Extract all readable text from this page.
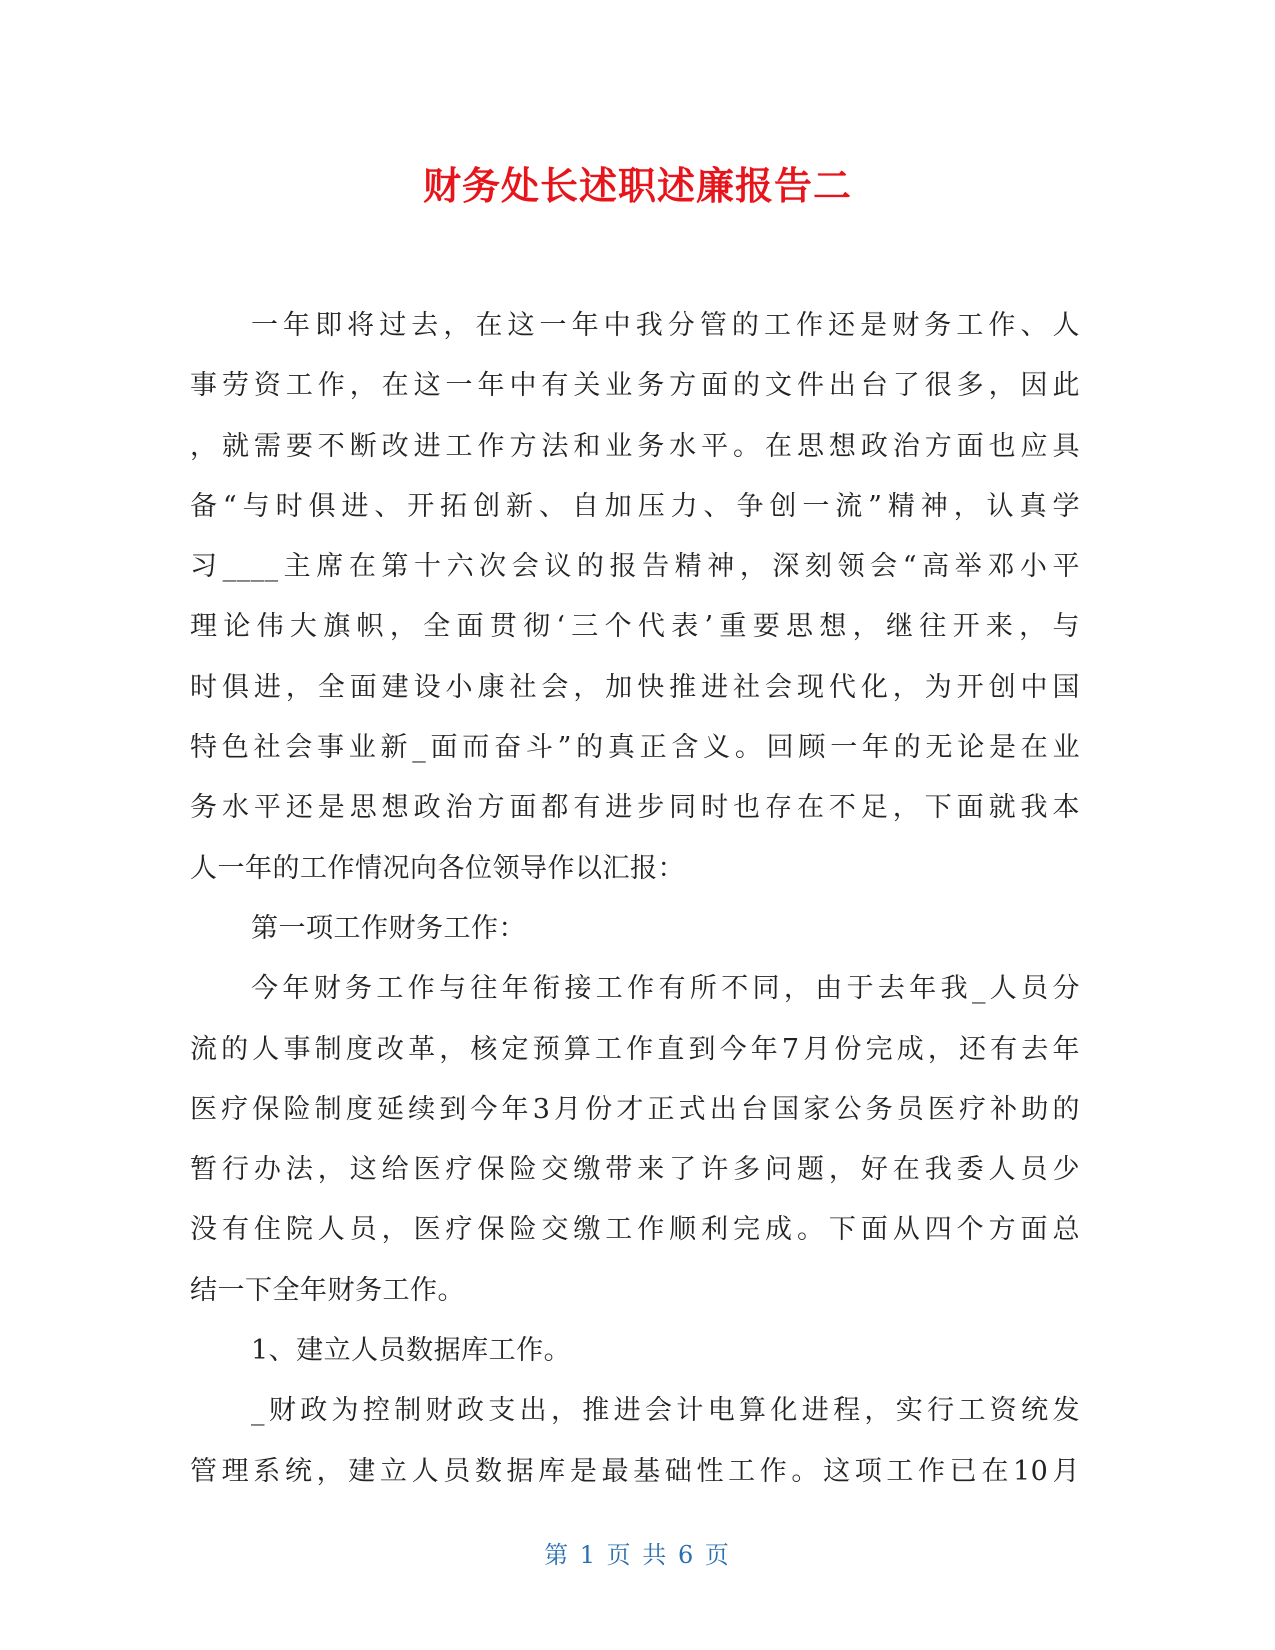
财务处长述职述廉报告二
一年即将过去，在这一年中我分管的工作还是财务工作、人
事劳资工作，在这一年中有关业务方面的文件出台了很多，因此
，就需要不断改进工作方法和业务水平。在思想政治方面也应具
备“与时俱进、开拓创新、自加压力、争创一流”精神，认真学
习____主席在第十六次会议的报告精神，深刻领会“高举邓小平
理论伟大旗帜，全面贯彻‘三个代表’重要思想，继往开来，与
时俱进，全面建设小康社会，加快推进社会现代化，为开创中国
特色社会事业新_面而奋斗”的真正含义。回顾一年的无论是在业
务水平还是思想政治方面都有进步同时也存在不足，下面就我本
人一年的工作情况向各位领导作以汇报：
第一项工作财务工作：
今年财务工作与往年衔接工作有所不同，由于去年我_人员分
流的人事制度改革，核定预算工作直到今年7月份完成，还有去年
医疗保险制度延续到今年3月份才正式出台国家公务员医疗补助的
暂行办法，这给医疗保险交缴带来了许多问题，好在我委人员少
没有住院人员，医疗保险交缴工作顺利完成。下面从四个方面总
结一下全年财务工作。
1、建立人员数据库工作。
_财政为控制财政支出，推进会计电算化进程，实行工资统发
管理系统，建立人员数据库是最基础性工作。这项工作已在10月
第 1 页 共 6 页
